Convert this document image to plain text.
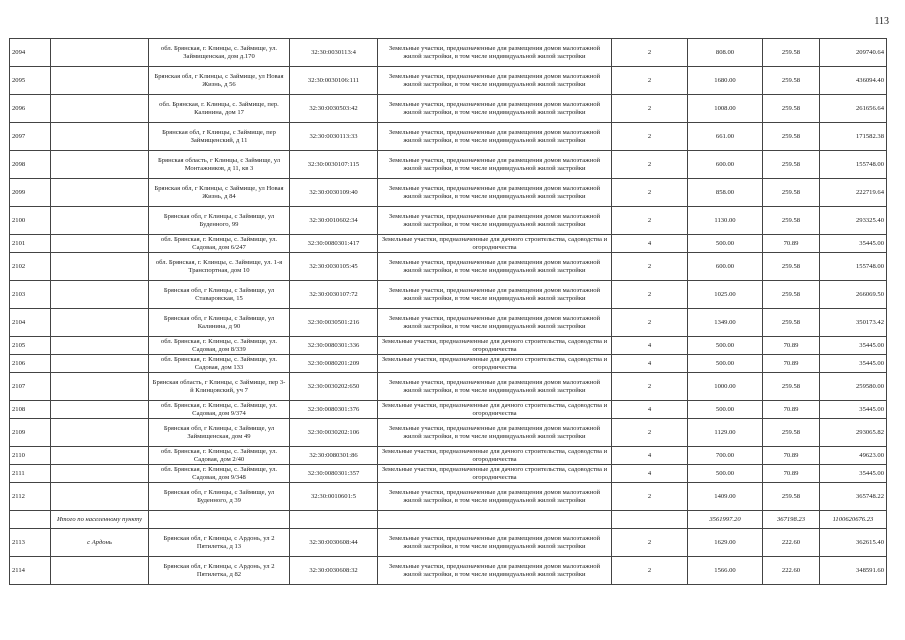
113
2094		обл. Брянская, г. Клинцы, с. Займище, ул. Займищенская, дом д.170	32:30:0030113:4	Земельные участки, предназначенные для размещения домов малоэтажной жилой застройки, в том числе индивидуальной жилой застройки	2	808.00	259.58	209740.64
2095		Брянская обл, г Клинцы, с Займище, ул Новая Жизнь, д 56	32:30:0030106:111	Земельные участки, предназначенные для размещения домов малоэтажной жилой застройки, в том числе индивидуальной жилой застройки	2	1680.00	259.58	436094.40
2096		обл. Брянская, г. Клинцы, с. Займище, пер. Калинина, дом 17	32:30:0030503:42	Земельные участки, предназначенные для размещения домов малоэтажной жилой застройки, в том числе индивидуальной жилой застройки	2	1008.00	259.58	261656.64
2097		Брянская обл, г Клинцы, с Займище, пер Займищенский, д 11	32:30:0030113:33	Земельные участки, предназначенные для размещения домов малоэтажной жилой застройки, в том числе индивидуальной жилой застройки	2	661.00	259.58	171582.38
2098		Брянская область, г Клинцы, с Займище, ул Монтажников, д 11, кв 3	32:30:0030107:115	Земельные участки, предназначенные для размещения домов малоэтажной жилой застройки, в том числе индивидуальной жилой застройки	2	600.00	259.58	155748.00
2099		Брянская обл, г Клинцы, с Займище, ул Новая Жизнь, д 84	32:30:0030109:40	Земельные участки, предназначенные для размещения домов малоэтажной жилой застройки, в том числе индивидуальной жилой застройки	2	858.00	259.58	222719.64
2100		Брянская обл, г Клинцы, с Займище, ул Буденного, 99	32:30:0010602:34	Земельные участки, предназначенные для размещения домов малоэтажной жилой застройки, в том числе индивидуальной жилой застройки	2	1130.00	259.58	293325.40
2101		обл. Брянская, г. Клинцы, с. Займище, ул. Садовая, дом 6/247	32:30:0080301:417	Земельные участки, предназначенные для дачного строительства, садоводства и огородничества	4	500.00	70.89	35445.00
2102		обл. Брянская, г. Клинцы, с. Займище, ул. 1-я Транспортная, дом 10	32:30:0030105:45	Земельные участки, предназначенные для размещения домов малоэтажной жилой застройки, в том числе индивидуальной жилой застройки	2	600.00	259.58	155748.00
2103		Брянская обл, г Клинцы, с Займище, ул Ставаровская, 15	32:30:0030107:72	Земельные участки, предназначенные для размещения домов малоэтажной жилой застройки, в том числе индивидуальной жилой застройки	2	1025.00	259.58	266069.50
2104		Брянская обл, г Клинцы, с Займище, ул Калинина, д 90	32:30:0030501:216	Земельные участки, предназначенные для размещения домов малоэтажной жилой застройки, в том числе индивидуальной жилой застройки	2	1349.00	259.58	350173.42
2105		обл. Брянская, г. Клинцы, с. Займище, ул. Садовая, дом 8/339	32:30:0080301:336	Земельные участки, предназначенные для дачного строительства, садоводства и огородничества	4	500.00	70.89	35445.00
2106		обл. Брянская, г. Клинцы, с. Займище, ул. Садовая, дом 133	32:30:0080201:209	Земельные участки, предназначенные для дачного строительства, садоводства и огородничества	4	500.00	70.89	35445.00
2107		Брянская область, г Клинцы, с Займище, пер 3-й Клинцовский, уч 7	32:30:0030202:650	Земельные участки, предназначенные для размещения домов малоэтажной жилой застройки, в том числе индивидуальной жилой застройки	2	1000.00	259.58	259580.00
2108		обл. Брянская, г. Клинцы, с. Займище, ул. Садовая, дом 9/374	32:30:0080301:376	Земельные участки, предназначенные для дачного строительства, садоводства и огородничества	4	500.00	70.89	35445.00
2109		Брянская обл, г Клинцы, с Займище, ул Займищенская, дом 49	32:30:0030202:106	Земельные участки, предназначенные для размещения домов малоэтажной жилой застройки, в том числе индивидуальной жилой застройки	2	1129.00	259.58	293065.82
2110		обл. Брянская, г. Клинцы, с. Займище, ул. Садовая, дом 2/40	32:30:0080301:86	Земельные участки, предназначенные для дачного строительства, садоводства и огородничества	4	700.00	70.89	49623.00
2111		обл. Брянская, г. Клинцы, с. Займище, ул. Садовая, дом 9/348	32:30:0080301:357	Земельные участки, предназначенные для дачного строительства, садоводства и огородничества	4	500.00	70.89	35445.00
2112		Брянская обл, г Клинцы, с Займище, ул Буденного, д 39	32:30:0010601:5	Земельные участки, предназначенные для размещения домов малоэтажной жилой застройки, в том числе индивидуальной жилой застройки	2	1409.00	259.58	365748.22
	Итого по населенному пункту					3561997.20	367198.23	1100620676.23
2113	с Ардонь	Брянская обл, г Клинцы, с Ардонь, ул 2 Пятилетка, д 13	32:30:0030608:44	Земельные участки, предназначенные для размещения домов малоэтажной жилой застройки, в том числе индивидуальной жилой застройки	2	1629.00	222.60	362615.40
2114		Брянская обл, г Клинцы, с Ардонь, ул 2 Пятилетка, д 82	32:30:0030608:32	Земельные участки, предназначенные для размещения домов малоэтажной жилой застройки, в том числе индивидуальной жилой застройки	2	1566.00	222.60	348591.60
